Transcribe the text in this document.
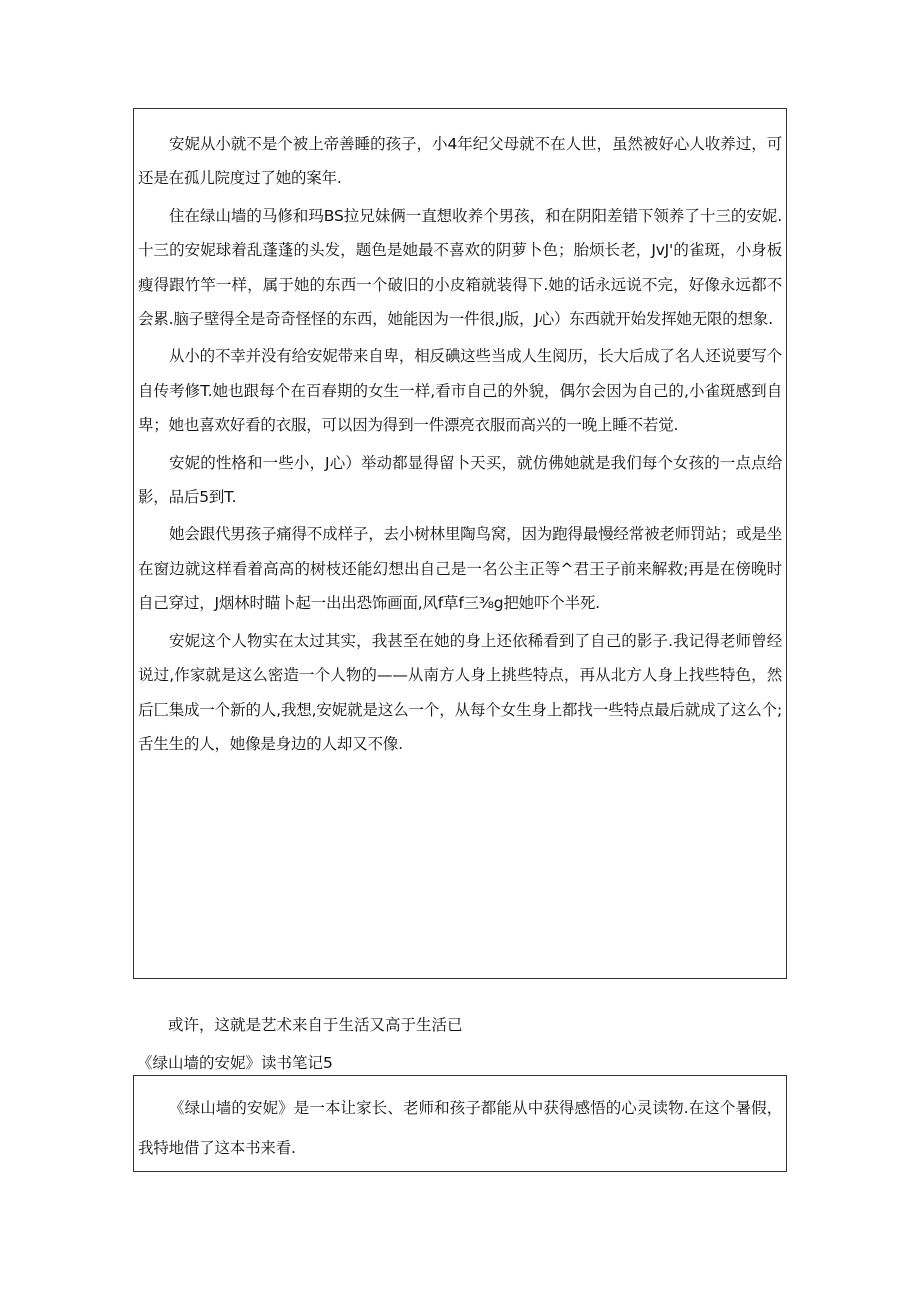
安妮从小就不是个被上帝善睡的孩子，小4年纪父母就不在人世，虽然被好心人收养过，可还是在孤儿院度过了她的案年.

住在绿山墙的马修和玛BS拉兄妹俩一直想收养个男孩，和在阴阳差错下领养了十三的安妮.十三的安妮球着乱蓬蓬的头发，题色是她最不喜欢的阴萝卜色；胎烦长老，JvJ'的雀斑，小身板瘦得跟竹竿一样，属于她的东西一个破旧的小皮箱就装得下.她的话永远说不完，好像永远都不会累.脑子壁得全是奇奇怪怪的东西，她能因为一件很,J版，J心）东西就开始发挥她无限的想象.

从小的不幸并没有给安妮带来自卑，相反碘这些当成人生阅历，长大后成了名人还说要写个自传考修T.她也跟每个在百春期的女生一样,看市自己的外貌，偶尔会因为自己的,小雀斑感到自卑；她也喜欢好看的衣服，可以因为得到一件漂亮衣服而高兴的一晚上睡不若觉.

安妮的性格和一些小，J心）举动都显得留卜天买，就仿佛她就是我们每个女孩的一点点给影，品后5到T.

她会跟代男孩子痛得不成样子，去小树林里陶鸟窝，因为跑得最慢经常被老师罚站；或是坐在窗边就这样看着高高的树枝还能幻想出自己是一名公主正等^君王子前来解救;再是在傍晚时自己穿过，J烟林时瞄卜起一出出恐饰画面,风f草f三⅜g把她吓个半死.

安妮这个人物实在太过其实，我甚至在她的身上还依稀看到了自己的影子.我记得老师曾经说过,作家就是这么密造一个人物的——从南方人身上挑些特点，再从北方人身上找些特色，然后匚集成一个新的人,我想,安妮就是这么一个，从每个女生身上都找一些特点最后就成了这么个;舌生生的人，她像是身边的人却又不像.

或许，这就是艺术来自于生活又高于生活已

《绿山墙的安妮》读书笔记5

《绿山墙的安妮》是一本让家长、老师和孩子都能从中获得感悟的心灵读物.在这个暑假，我特地借了这本书来看.
